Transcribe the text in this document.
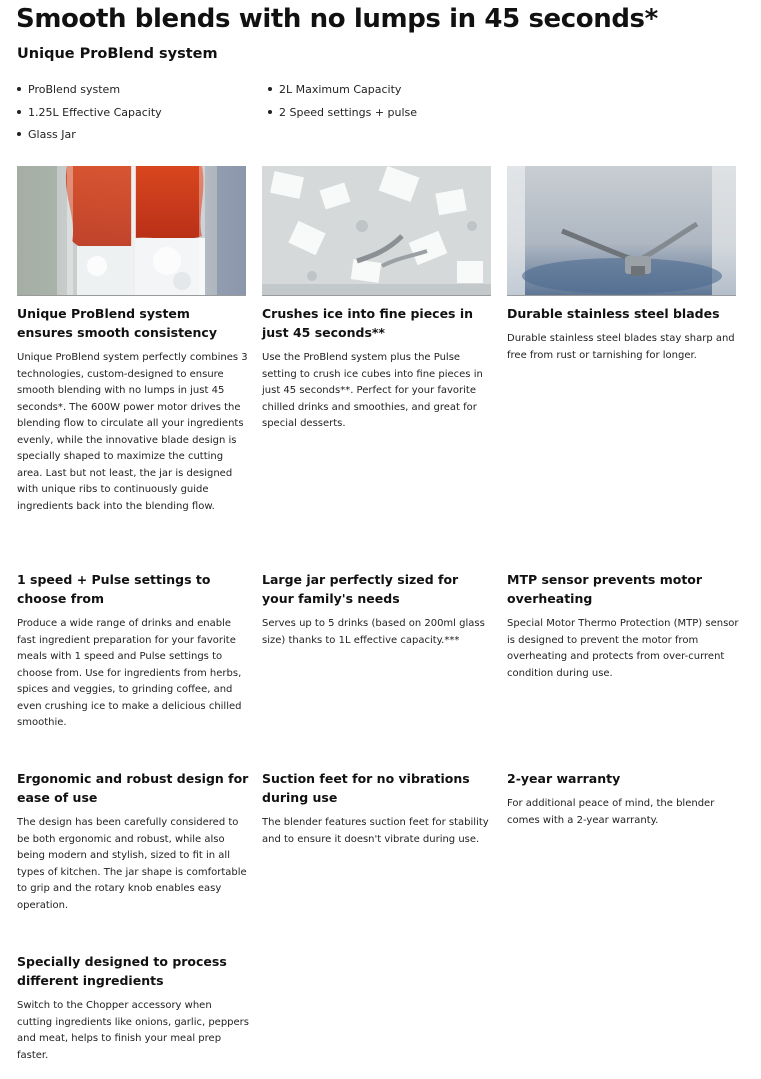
Smooth blends with no lumps in 45 seconds*
Unique ProBlend system
ProBlend system
1.25L Effective Capacity
Glass Jar
2L Maximum Capacity
2 Speed settings + pulse
Unique ProBlend system ensures smooth consistency

Unique ProBlend system perfectly combines 3 technologies, custom-designed to ensure smooth blending with no lumps in just 45 seconds*. The 600W power motor drives the blending flow to circulate all your ingredients evenly, while the innovative blade design is specially shaped to maximize the cutting area. Last but not least, the jar is designed with unique ribs to continuously guide ingredients back into the blending flow.

Crushes ice into fine pieces in just 45 seconds**

Use the ProBlend system plus the Pulse setting to crush ice cubes into fine pieces in just 45 seconds**. Perfect for your favorite chilled drinks and smoothies, and great for special desserts.

Durable stainless steel blades

Durable stainless steel blades stay sharp and free from rust or tarnishing for longer.

1 speed + Pulse settings to choose from

Produce a wide range of drinks and enable fast ingredient preparation for your favorite meals with 1 speed and Pulse settings to choose from. Use for ingredients from herbs, spices and veggies, to grinding coffee, and even crushing ice to make a delicious chilled smoothie.

Large jar perfectly sized for your family's needs

Serves up to 5 drinks (based on 200ml glass size) thanks to 1L effective capacity.***

MTP sensor prevents motor overheating

Special Motor Thermo Protection (MTP) sensor is designed to prevent the motor from overheating and protects from over-current condition during use.

Ergonomic and robust design for ease of use

The design has been carefully considered to be both ergonomic and robust, while also being modern and stylish, sized to fit in all types of kitchen. The jar shape is comfortable to grip and the rotary knob enables easy operation.

Suction feet for no vibrations during use

The blender features suction feet for stability and to ensure it doesn't vibrate during use.

2-year warranty

For additional peace of mind, the blender comes with a 2-year warranty.

Specially designed to process different ingredients

Switch to the Chopper accessory when cutting ingredients like onions, garlic, peppers and meat, helps to finish your meal prep faster.
